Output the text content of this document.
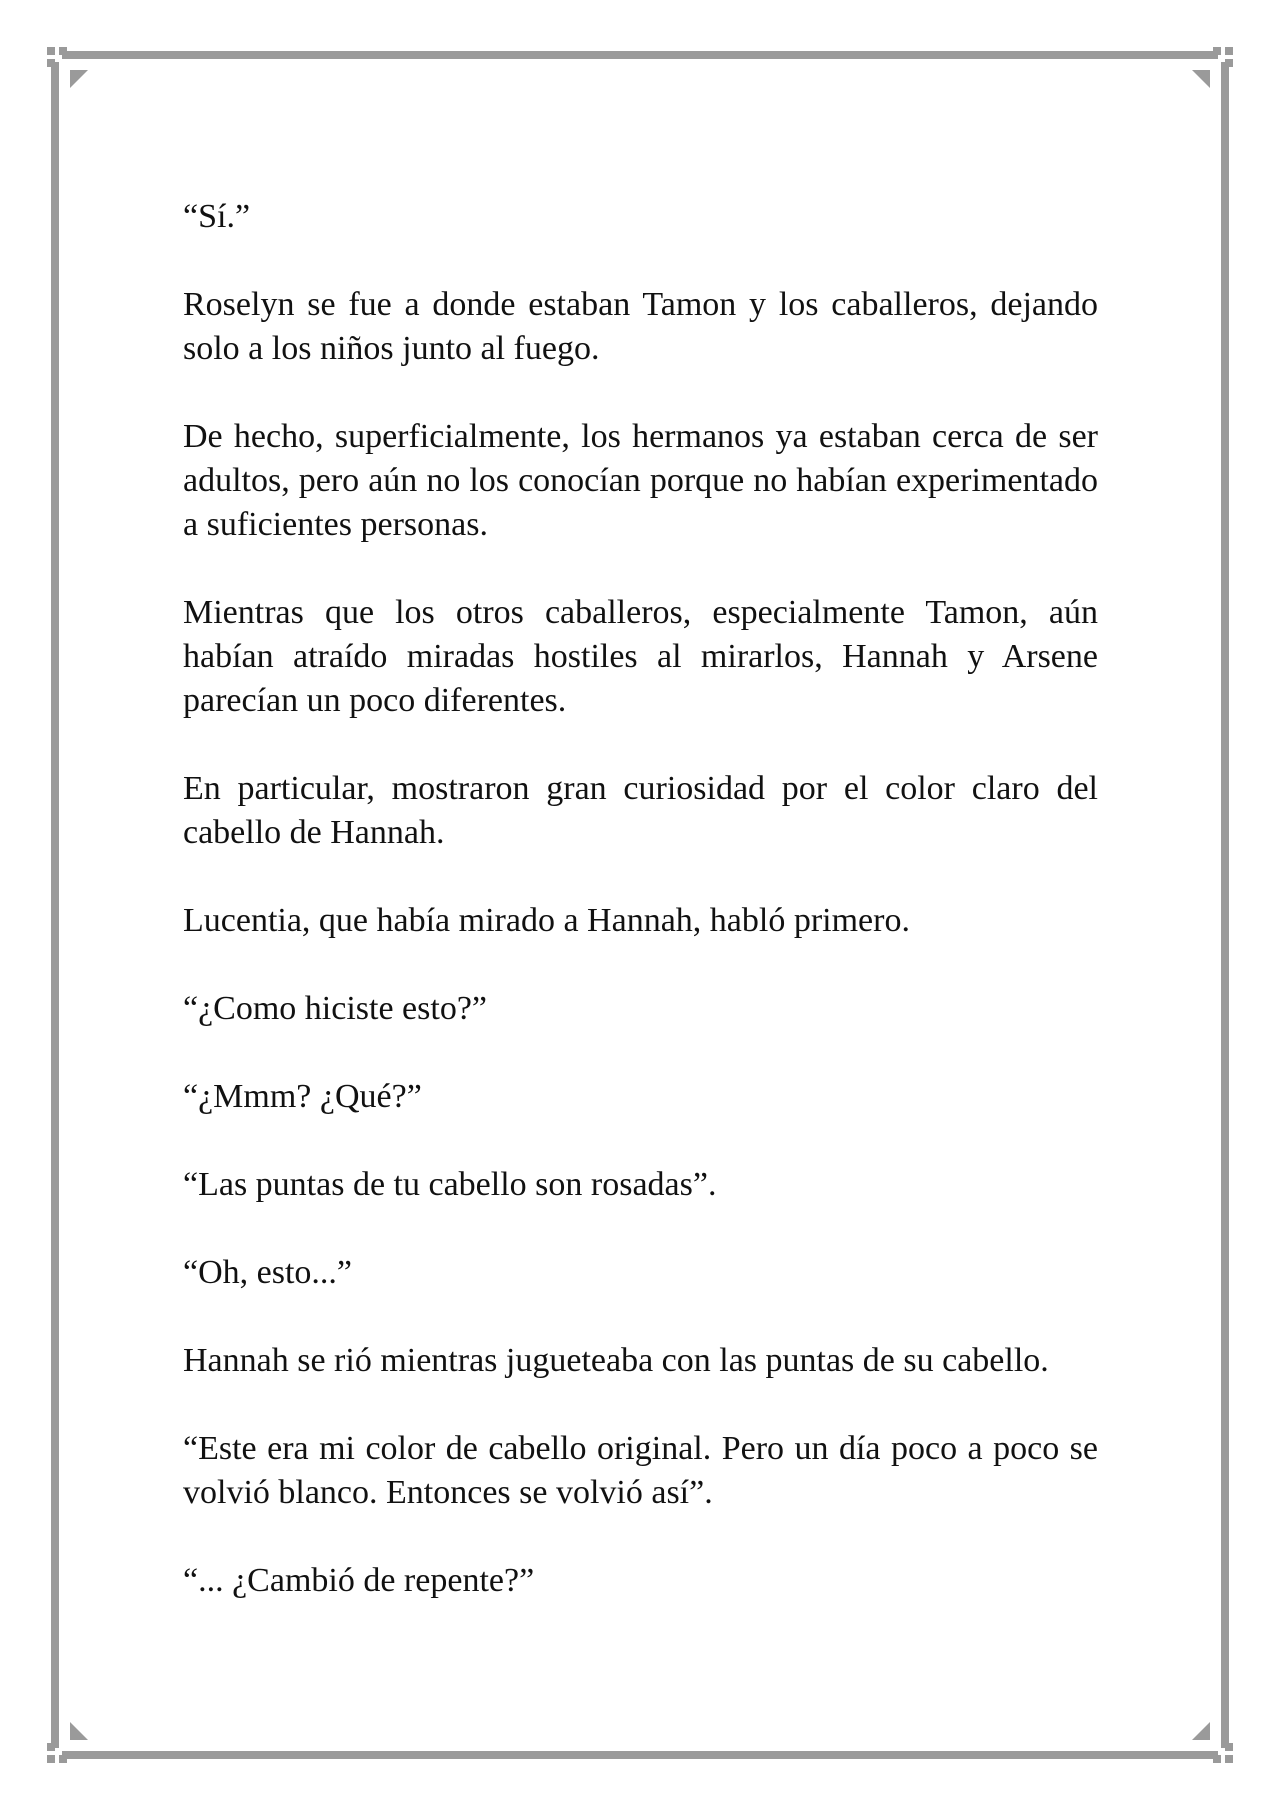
“Sí.”

Roselyn se fue a donde estaban Tamon y los caballeros, dejando solo a los niños junto al fuego.

De hecho, superficialmente, los hermanos ya estaban cerca de ser adultos, pero aún no los conocían porque no habían experimentado a suficientes personas.

Mientras que los otros caballeros, especialmente Tamon, aún habían atraído miradas hostiles al mirarlos, Hannah y Arsene parecían un poco diferentes.

En particular, mostraron gran curiosidad por el color claro del cabello de Hannah.

Lucentia, que había mirado a Hannah, habló primero.

“¿Como hiciste esto?”

“¿Mmm? ¿Qué?”

“Las puntas de tu cabello son rosadas”.

“Oh, esto...”

Hannah se rió mientras jugueteaba con las puntas de su cabello.

“Este era mi color de cabello original. Pero un día poco a poco se volvió blanco. Entonces se volvió así”.

“... ¿Cambió de repente?”
